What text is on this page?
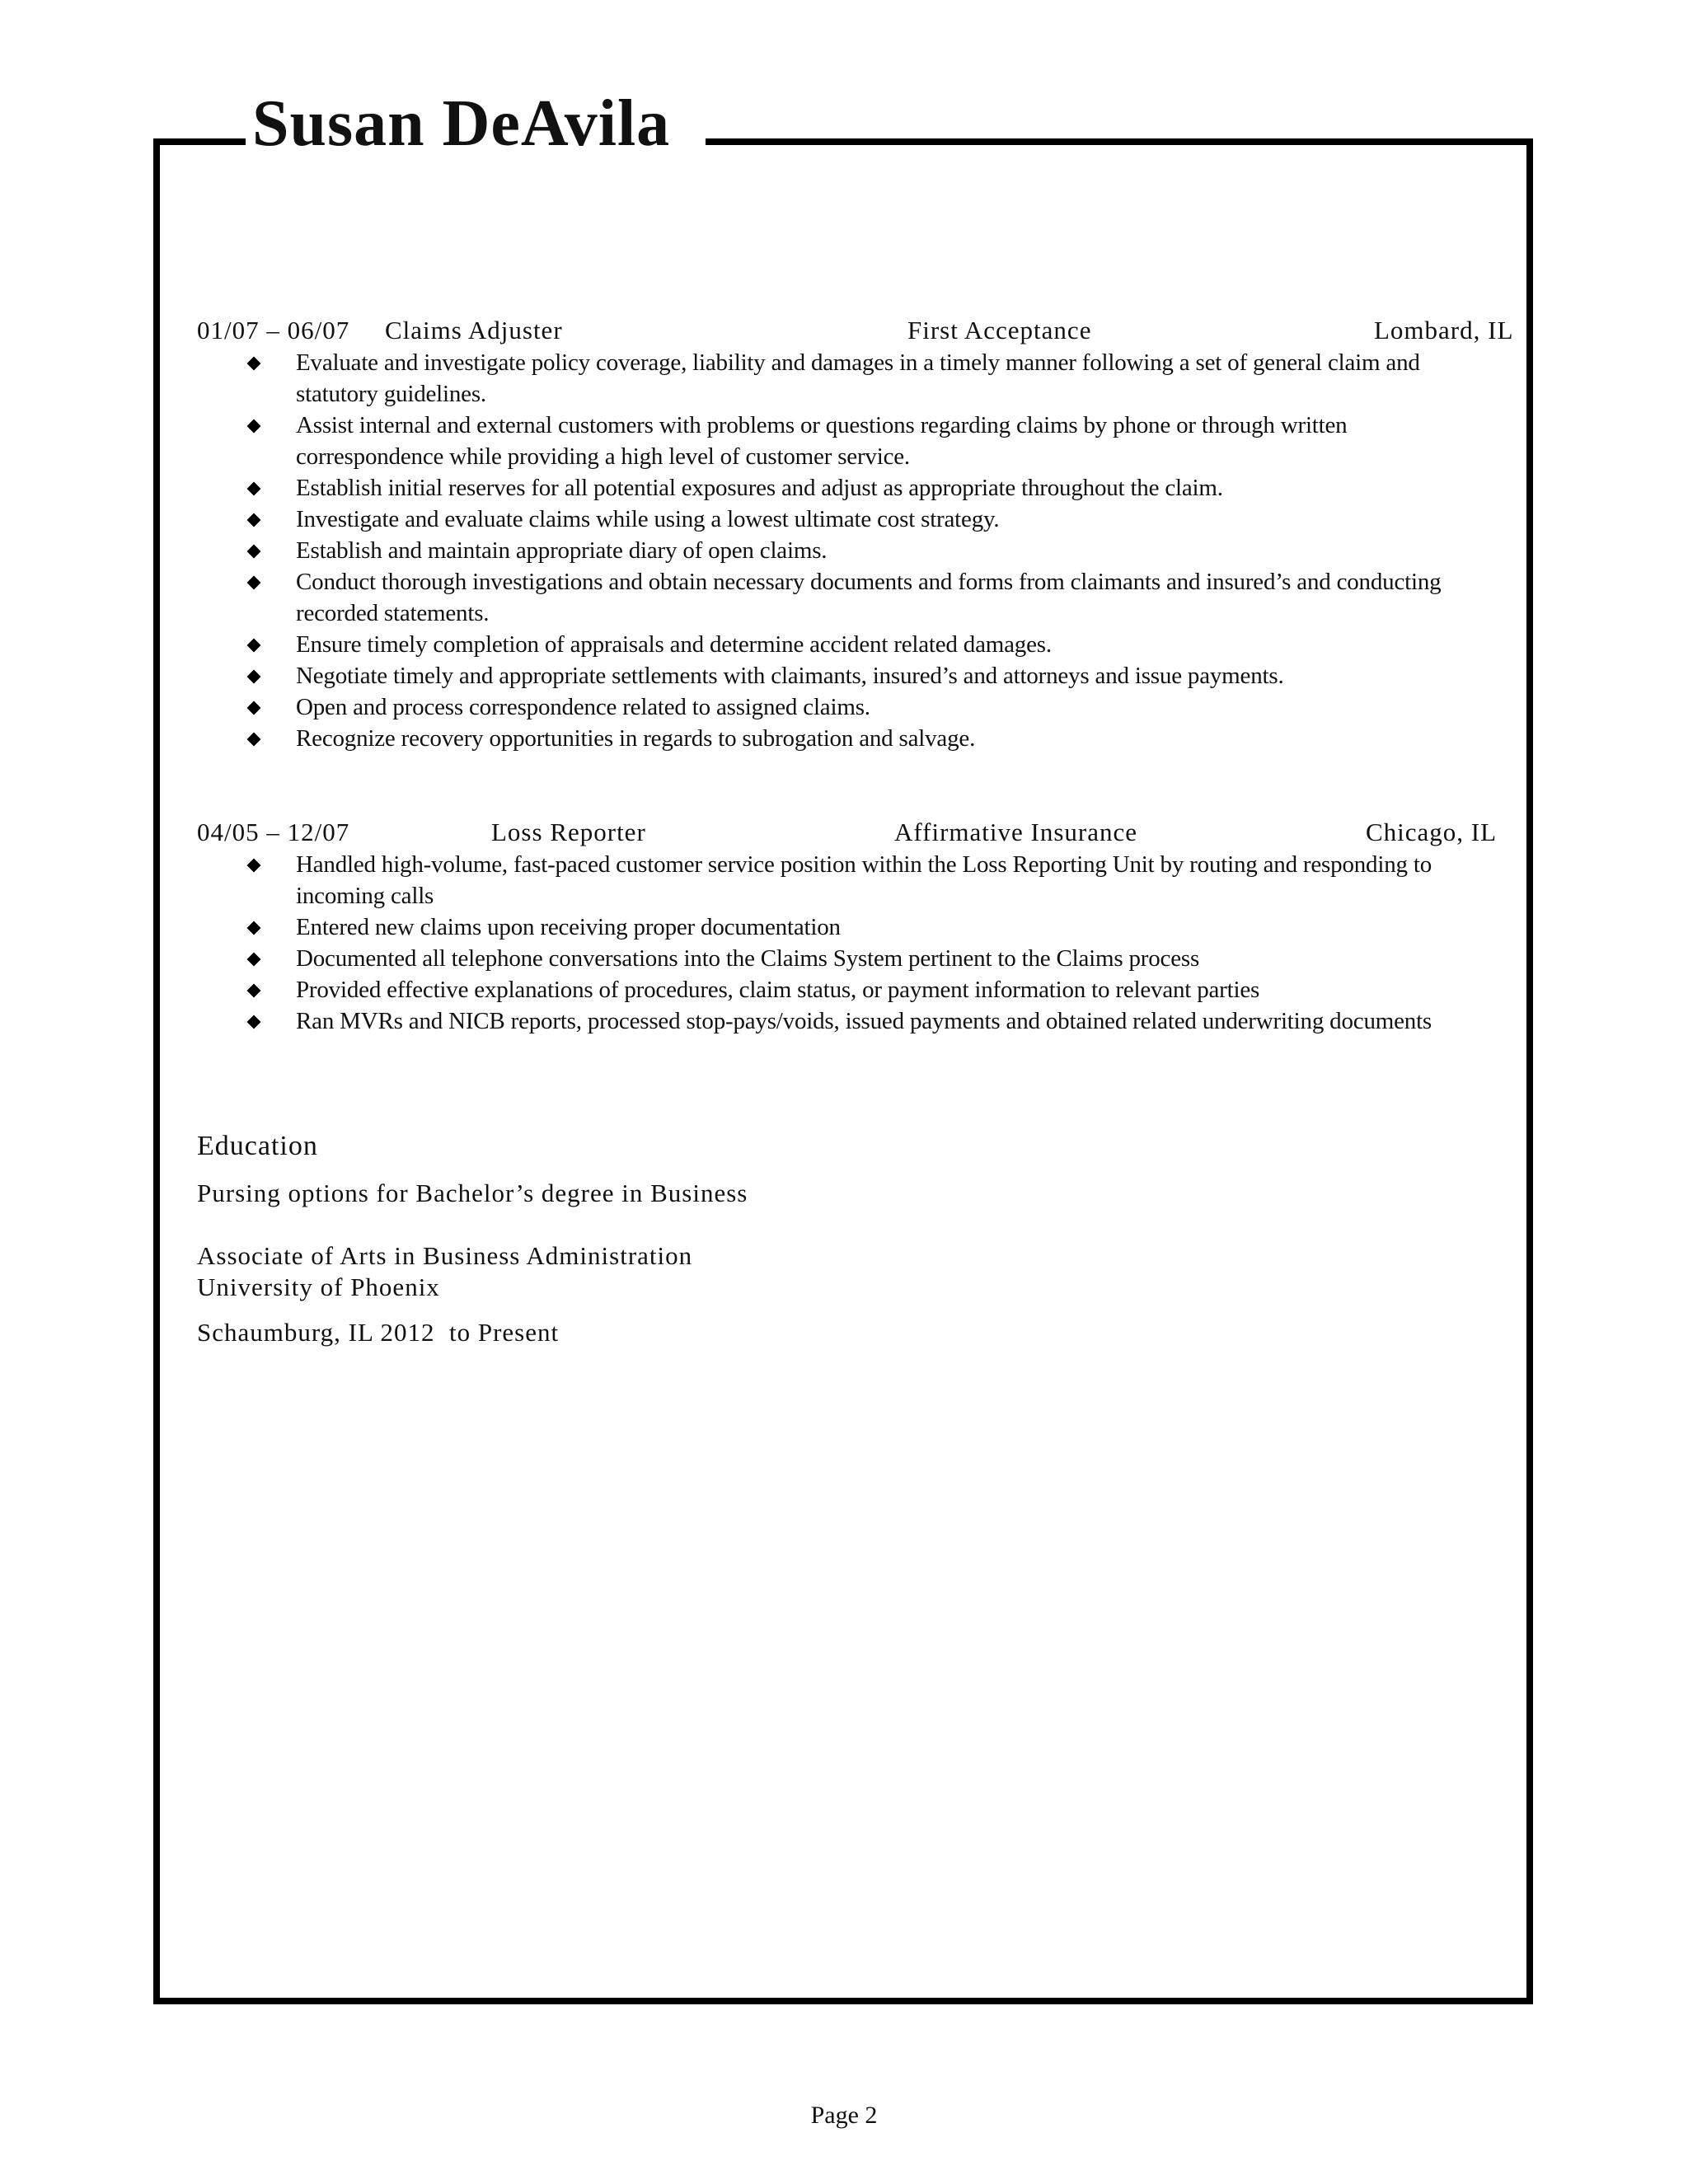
Susan DeAvila
01/07 – 06/07 Claims Adjuster	First Acceptance	Lombard, IL
Evaluate and investigate policy coverage, liability and damages in a timely manner following a set of general claim and statutory guidelines.
Assist internal and external customers with problems or questions regarding claims by phone or through written correspondence while providing a high level of customer service.
Establish initial reserves for all potential exposures and adjust as appropriate throughout the claim.
Investigate and evaluate claims while using a lowest ultimate cost strategy.
Establish and maintain appropriate diary of open claims.
Conduct thorough investigations and obtain necessary documents and forms from claimants and insured’s and conducting recorded statements.
Ensure timely completion of appraisals and determine accident related damages.
Negotiate timely and appropriate settlements with claimants, insured’s and attorneys and issue payments.
Open and process correspondence related to assigned claims.
Recognize recovery opportunities in regards to subrogation and salvage.
04/05 – 12/07	Loss Reporter	Affirmative Insurance	Chicago, IL
Handled high-volume, fast-paced customer service position within the Loss Reporting Unit by routing and responding to incoming calls
Entered new claims upon receiving proper documentation
Documented all telephone conversations into the Claims System pertinent to the Claims process
Provided effective explanations of procedures, claim status, or payment information to relevant parties
Ran MVRs and NICB reports, processed stop-pays/voids, issued payments and obtained related underwriting documents
Education
Pursing options for Bachelor’s degree in Business
Associate of Arts in Business Administration
University of Phoenix
Schaumburg, IL 2012  to Present
Page 2
